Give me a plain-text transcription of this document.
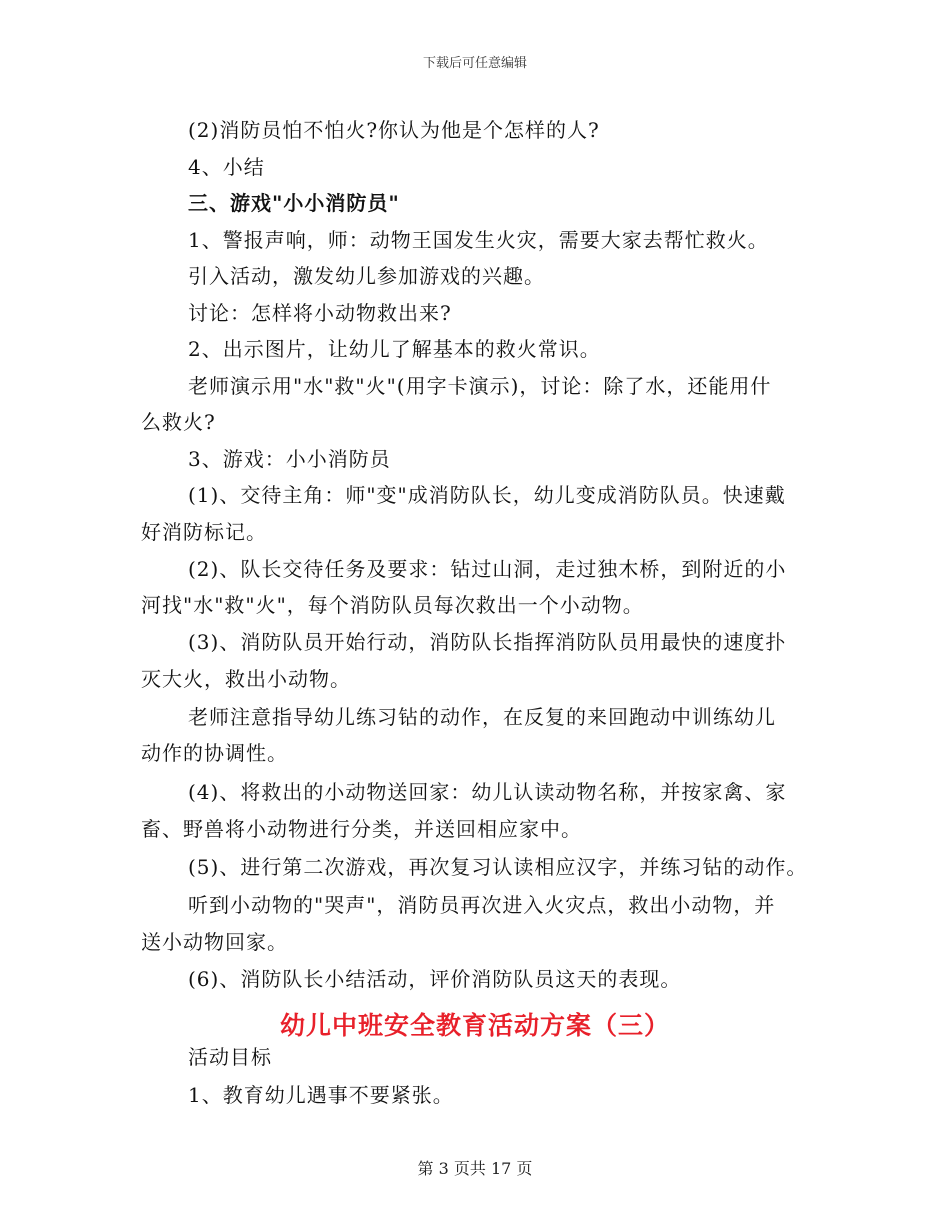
下载后可任意编辑
(2)消防员怕不怕火?你认为他是个怎样的人?
4、小结
三、游戏"小小消防员"
1、警报声响，师：动物王国发生火灾，需要大家去帮忙救火。
引入活动，激发幼儿参加游戏的兴趣。
讨论：怎样将小动物救出来?
2、出示图片，让幼儿了解基本的救火常识。
老师演示用"水"救"火"(用字卡演示)，讨论：除了水，还能用什
么救火?
3、游戏：小小消防员
(1)、交待主角：师"变"成消防队长，幼儿变成消防队员。快速戴
好消防标记。
(2)、队长交待任务及要求：钻过山洞，走过独木桥，到附近的小
河找"水"救"火"，每个消防队员每次救出一个小动物。
(3)、消防队员开始行动，消防队长指挥消防队员用最快的速度扑
灭大火，救出小动物。
老师注意指导幼儿练习钻的动作，在反复的来回跑动中训练幼儿
动作的协调性。
(4)、将救出的小动物送回家：幼儿认读动物名称，并按家禽、家
畜、野兽将小动物进行分类，并送回相应家中。
(5)、进行第二次游戏，再次复习认读相应汉字，并练习钻的动作。
听到小动物的"哭声"，消防员再次进入火灾点，救出小动物，并
送小动物回家。
(6)、消防队长小结活动，评价消防队员这天的表现。
幼儿中班安全教育活动方案（三）
活动目标
1、教育幼儿遇事不要紧张。
第 3 页共 17 页
